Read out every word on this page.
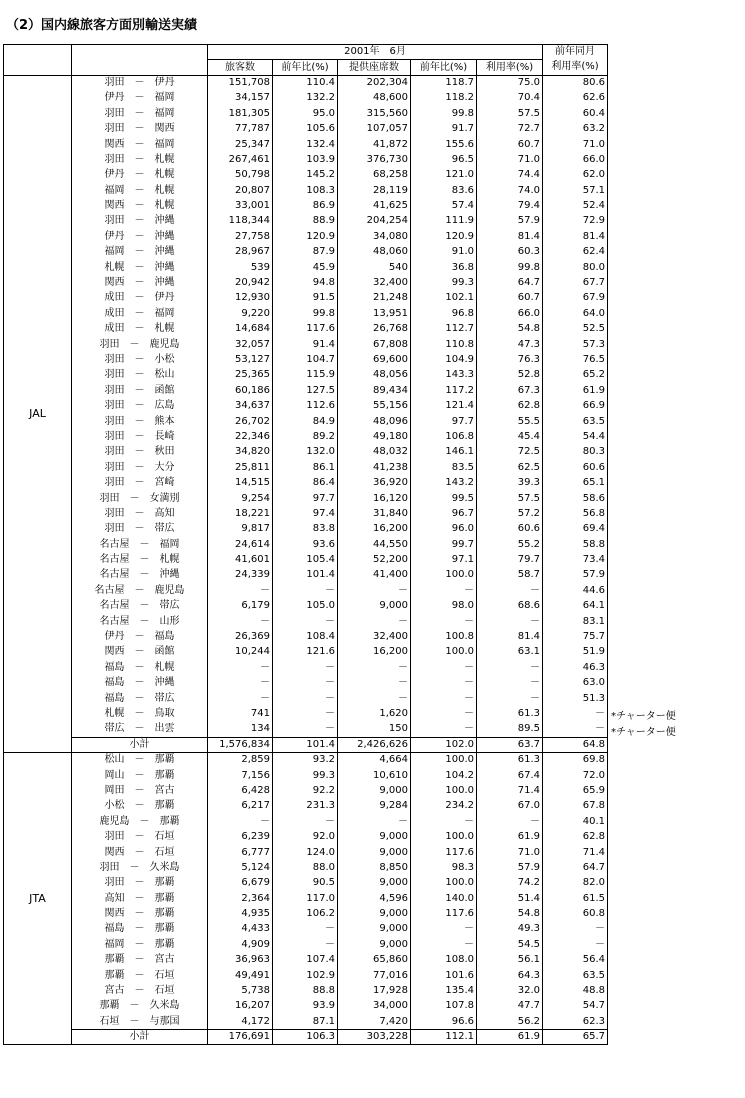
（2）国内線旅客方面別輸送実績
		2001年　6月					前年同月
		旅客数	前年比(%)	提供座席数	前年比(%)	利用率(%)	利用率(%)
JAL	羽田　－　伊丹	151,708	110.4	202,304	118.7	75.0	80.6
	伊丹　－　福岡	34,157	132.2	48,600	118.2	70.4	62.6
	羽田　－　福岡	181,305	95.0	315,560	99.8	57.5	60.4
	羽田　－　関西	77,787	105.6	107,057	91.7	72.7	63.2
	関西　－　福岡	25,347	132.4	41,872	155.6	60.7	71.0
	羽田　－　札幌	267,461	103.9	376,730	96.5	71.0	66.0
	伊丹　－　札幌	50,798	145.2	68,258	121.0	74.4	62.0
	福岡　－　札幌	20,807	108.3	28,119	83.6	74.0	57.1
	関西　－　札幌	33,001	86.9	41,625	57.4	79.4	52.4
	羽田　－　沖縄	118,344	88.9	204,254	111.9	57.9	72.9
	伊丹　－　沖縄	27,758	120.9	34,080	120.9	81.4	81.4
	福岡　－　沖縄	28,967	87.9	48,060	91.0	60.3	62.4
	札幌　－　沖縄	539	45.9	540	36.8	99.8	80.0
	関西　－　沖縄	20,942	94.8	32,400	99.3	64.7	67.7
	成田　－　伊丹	12,930	91.5	21,248	102.1	60.7	67.9
	成田　－　福岡	9,220	99.8	13,951	96.8	66.0	64.0
	成田　－　札幌	14,684	117.6	26,768	112.7	54.8	52.5
	羽田　－　鹿児島	32,057	91.4	67,808	110.8	47.3	57.3
	羽田　－　小松	53,127	104.7	69,600	104.9	76.3	76.5
	羽田　－　松山	25,365	115.9	48,056	143.3	52.8	65.2
	羽田　－　函館	60,186	127.5	89,434	117.2	67.3	61.9
	羽田　－　広島	34,637	112.6	55,156	121.4	62.8	66.9
	羽田　－　熊本	26,702	84.9	48,096	97.7	55.5	63.5
	羽田　－　長崎	22,346	89.2	49,180	106.8	45.4	54.4
	羽田　－　秋田	34,820	132.0	48,032	146.1	72.5	80.3
	羽田　－　大分	25,811	86.1	41,238	83.5	62.5	60.6
	羽田　－　宮崎	14,515	86.4	36,920	143.2	39.3	65.1
	羽田　－　女満別	9,254	97.7	16,120	99.5	57.5	58.6
	羽田　－　高知	18,221	97.4	31,840	96.7	57.2	56.8
	羽田　－　帯広	9,817	83.8	16,200	96.0	60.6	69.4
	名古屋　－　福岡	24,614	93.6	44,550	99.7	55.2	58.8
	名古屋　－　札幌	41,601	105.4	52,200	97.1	79.7	73.4
	名古屋　－　沖縄	24,339	101.4	41,400	100.0	58.7	57.9
	名古屋　－　鹿児島	－	－	－	－	－	44.6
	名古屋　－　帯広	6,179	105.0	9,000	98.0	68.6	64.1
	名古屋　－　山形	－	－	－	－	－	83.1
	伊丹　－　福島	26,369	108.4	32,400	100.8	81.4	75.7
	関西　－　函館	10,244	121.6	16,200	100.0	63.1	51.9
	福島　－　札幌	－	－	－	－	－	46.3
	福島　－　沖縄	－	－	－	－	－	63.0
	福島　－　帯広	－	－	－	－	－	51.3
	札幌　－　鳥取	741	－	1,620	－	61.3	－
	帯広　－　出雲	134	－	150	－	89.5	－
	小計	1,576,834	101.4	2,426,626	102.0	63.7	64.8
JTA	松山　－　那覇	2,859	93.2	4,664	100.0	61.3	69.8
	岡山　－　那覇	7,156	99.3	10,610	104.2	67.4	72.0
	岡田　－　宮古	6,428	92.2	9,000	100.0	71.4	65.9
	小松　－　那覇	6,217	231.3	9,284	234.2	67.0	67.8
	鹿児島　－　那覇	－	－	－	－	－	40.1
	羽田　－　石垣	6,239	92.0	9,000	100.0	61.9	62.8
	関西　－　石垣	6,777	124.0	9,000	117.6	71.0	71.4
	羽田　－　久米島	5,124	88.0	8,850	98.3	57.9	64.7
	羽田　－　那覇	6,679	90.5	9,000	100.0	74.2	82.0
	高知　－　那覇	2,364	117.0	4,596	140.0	51.4	61.5
	関西　－　那覇	4,935	106.2	9,000	117.6	54.8	60.8
	福島　－　那覇	4,433	－	9,000	－	49.3	－
	福岡　－　那覇	4,909	－	9,000	－	54.5	－
	那覇　－　宮古	36,963	107.4	65,860	108.0	56.1	56.4
	那覇　－　石垣	49,491	102.9	77,016	101.6	64.3	63.5
	宮古　－　石垣	5,738	88.8	17,928	135.4	32.0	48.8
	那覇　－　久米島	16,207	93.9	34,000	107.8	47.7	54.7
	石垣　－　与那国	4,172	87.1	7,420	96.6	56.2	62.3
	小計	176,691	106.3	303,228	112.1	61.9	65.7
*チャーター便
*チャーター便
